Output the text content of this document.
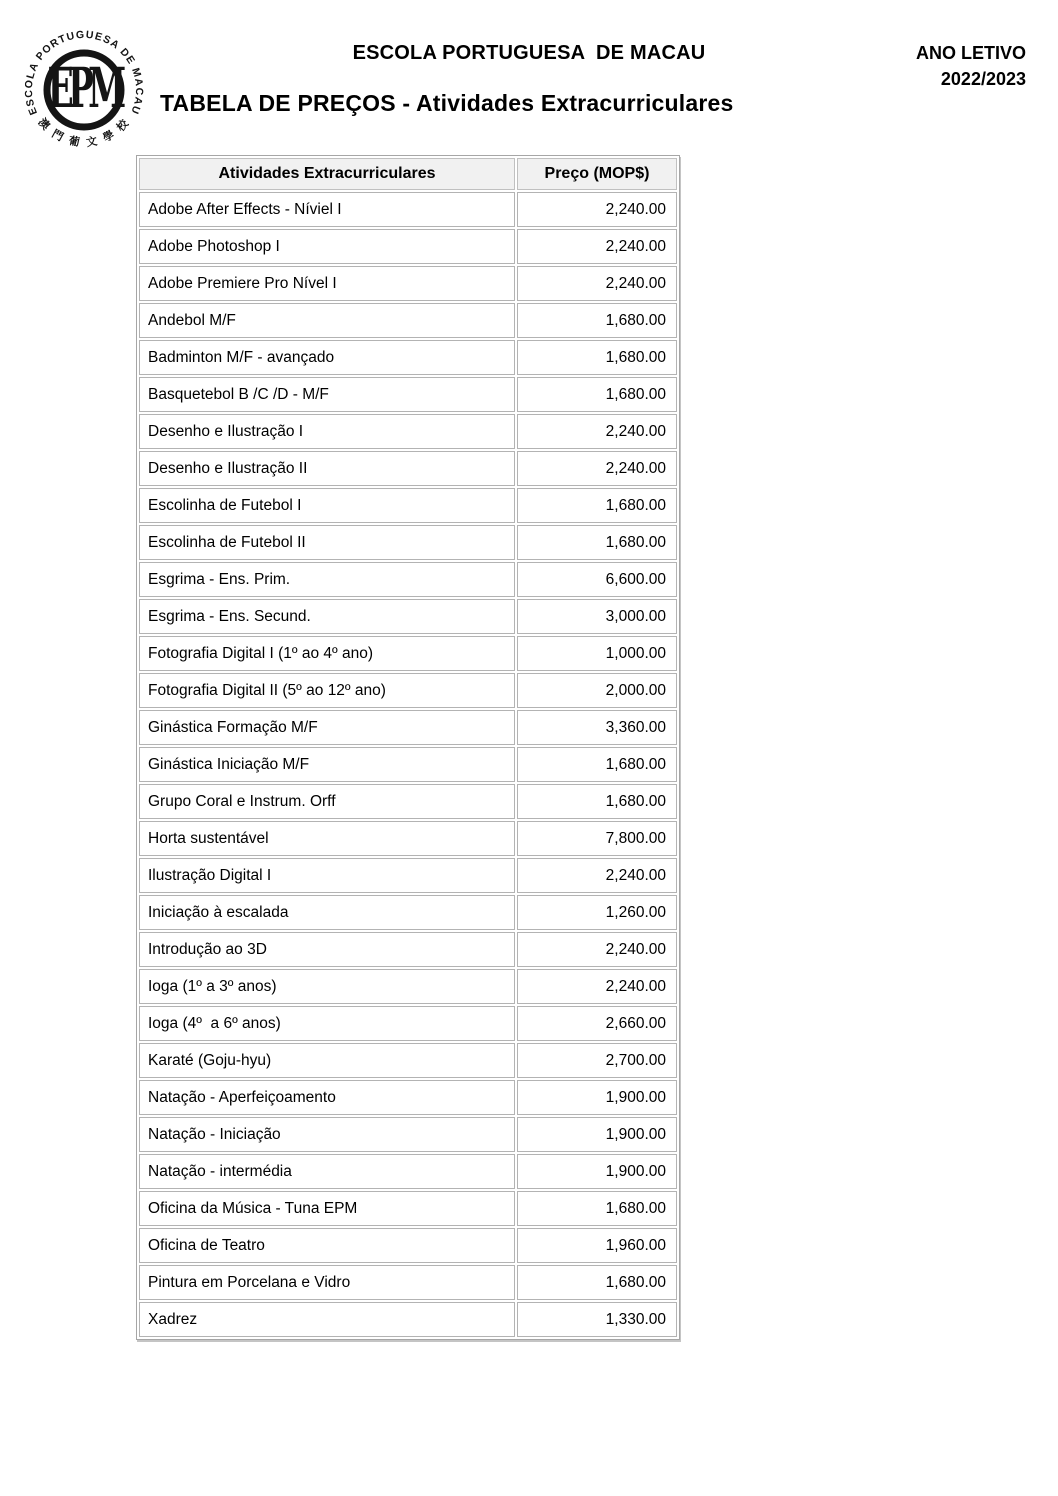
EPM
ESCOLA PORTUGUESA DE MACAU
澳 門 葡 文 學 校
ESCOLA PORTUGUESA  DE MACAU	ANO LETIVO
2022/2023
TABELA DE PREÇOS - Atividades Extracurriculares
Atividades Extracurriculares	Preço (MOP$)
Adobe After Effects - Níviel I	2,240.00
Adobe Photoshop I	2,240.00
Adobe Premiere Pro Nível I	2,240.00
Andebol M/F	1,680.00
Badminton M/F - avançado	1,680.00
Basquetebol B /C /D - M/F	1,680.00
Desenho e Ilustração I	2,240.00
Desenho e Ilustração II	2,240.00
Escolinha de Futebol I	1,680.00
Escolinha de Futebol II	1,680.00
Esgrima - Ens. Prim.	6,600.00
Esgrima - Ens. Secund.	3,000.00
Fotografia Digital I (1º ao 4º ano)	1,000.00
Fotografia Digital II (5º ao 12º ano)	2,000.00
Ginástica Formação M/F	3,360.00
Ginástica Iniciação M/F	1,680.00
Grupo Coral e Instrum. Orff	1,680.00
Horta sustentável	7,800.00
Ilustração Digital I	2,240.00
Iniciação à escalada	1,260.00
Introdução ao 3D	2,240.00
Ioga (1º a 3º anos)	2,240.00
Ioga (4º  a 6º anos)	2,660.00
Karaté (Goju-hyu)	2,700.00
Natação - Aperfeiçoamento	1,900.00
Natação - Iniciação	1,900.00
Natação - intermédia	1,900.00
Oficina da Música - Tuna EPM	1,680.00
Oficina de Teatro	1,960.00
Pintura em Porcelana e Vidro	1,680.00
Xadrez	1,330.00
